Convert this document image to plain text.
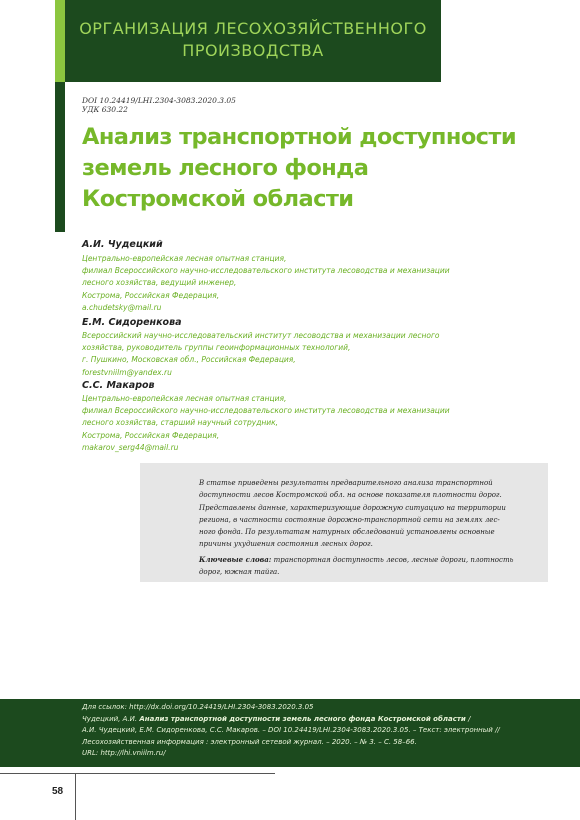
ОРГАНИЗАЦИЯ ЛЕСОХОЗЯЙСТВЕННОГО
ПРОИЗВОДСТВА
DOI 10.24419/LHI.2304-3083.2020.3.05
УДК 630.22
Анализ транспортной доступности
земель лесного фонда
Костромской области
А.И. Чудецкий
Центрально-европейская лесная опытная станция,
филиал Всероссийского научно-исследовательского института лесоводства и механизации
лесного хозяйства, ведущий инженер,
Кострома, Российская Федерация,
a.chudetsky@mail.ru
Е.М. Сидоренкова
Всероссийский научно-исследовательский институт лесоводства и механизации лесного
хозяйства, руководитель группы геоинформационных технологий,
г. Пушкино, Московская обл., Российская Федерация,
forestvniilm@yandex.ru
С.С. Макаров
Центрально-европейская лесная опытная станция,
филиал Всероссийского научно-исследовательского института лесоводства и механизации
лесного хозяйства, старший научный сотрудник,
Кострома, Российская Федерация,
makarov_serg44@mail.ru
В статье приведены результаты предварительного анализа транспортной
доступности лесов Костромской обл. на основе показателя плотности дорог.
Представлены данные, характеризующие дорожную ситуацию на территории
региона, в частности состояние дорожно-транспортной сети на землях лес-
ного фонда. По результатам натурных обследований установлены основные
причины ухудшения состояния лесных дорог.
Ключевые слова: транспортная доступность лесов, лесные дороги, плотность
дорог, южная тайга.
Для ссылок: http://dx.doi.org/10.24419/LHI.2304-3083.2020.3.05
Чудецкий, А.И. Анализ транспортной доступности земель лесного фонда Костромской области /
А.И. Чудецкий, Е.М. Сидоренкова, С.С. Макаров. – DOI 10.24419/LHI.2304-3083.2020.3.05. – Текст: электронный //
Лесохозяйственная информация : электронный сетевой журнал. – 2020. – № 3. – С. 58–66.
URL: http://lhi.vniilm.ru/
58
